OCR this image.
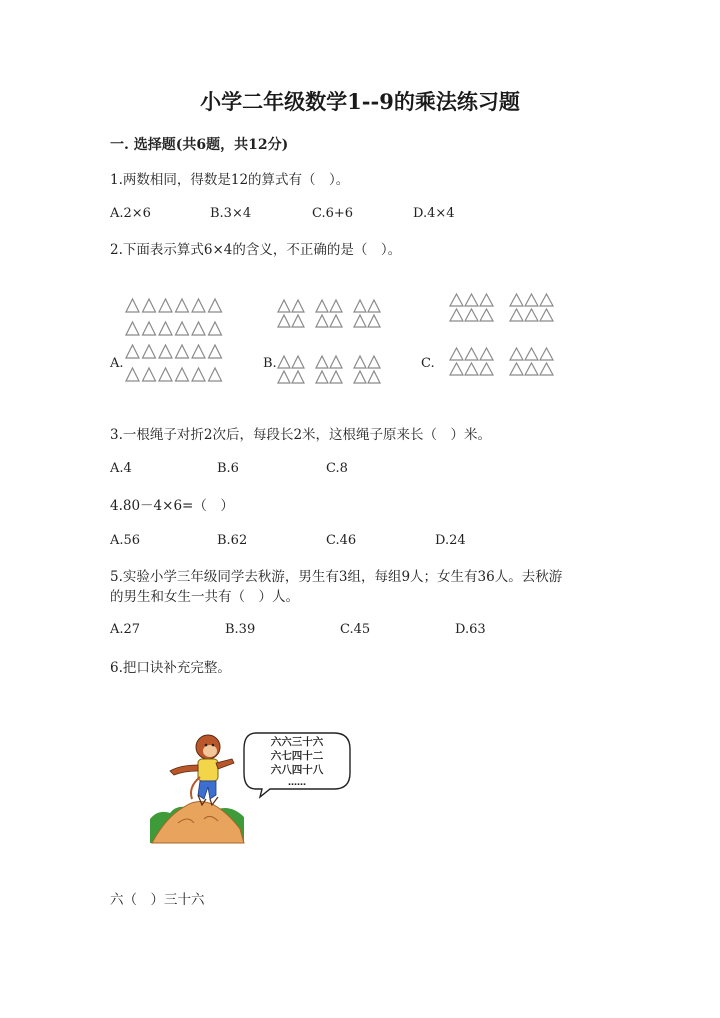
小学二年级数学1--9的乘法练习题
一. 选择题(共6题，共12分)
1.两数相同，得数是12的算式有（　）。
A.2×6	B.3×4	C.6+6	D.4×4
2.下面表示算式6×4的含义，不正确的是（　）。
A.	B.	C.
3.一根绳子对折2次后，每段长2米，这根绳子原来长（　）米。
A.4	B.6	C.8
4.80－4×6=（　）
A.56	B.62	C.46	D.24
5.实验小学三年级同学去秋游，男生有3组，每组9人；女生有36人。去秋游
的男生和女生一共有（　）人。
A.27	B.39	C.45	D.63
6.把口诀补充完整。
六六三十六
六七四十二
六八四十八
……
六（　）三十六
